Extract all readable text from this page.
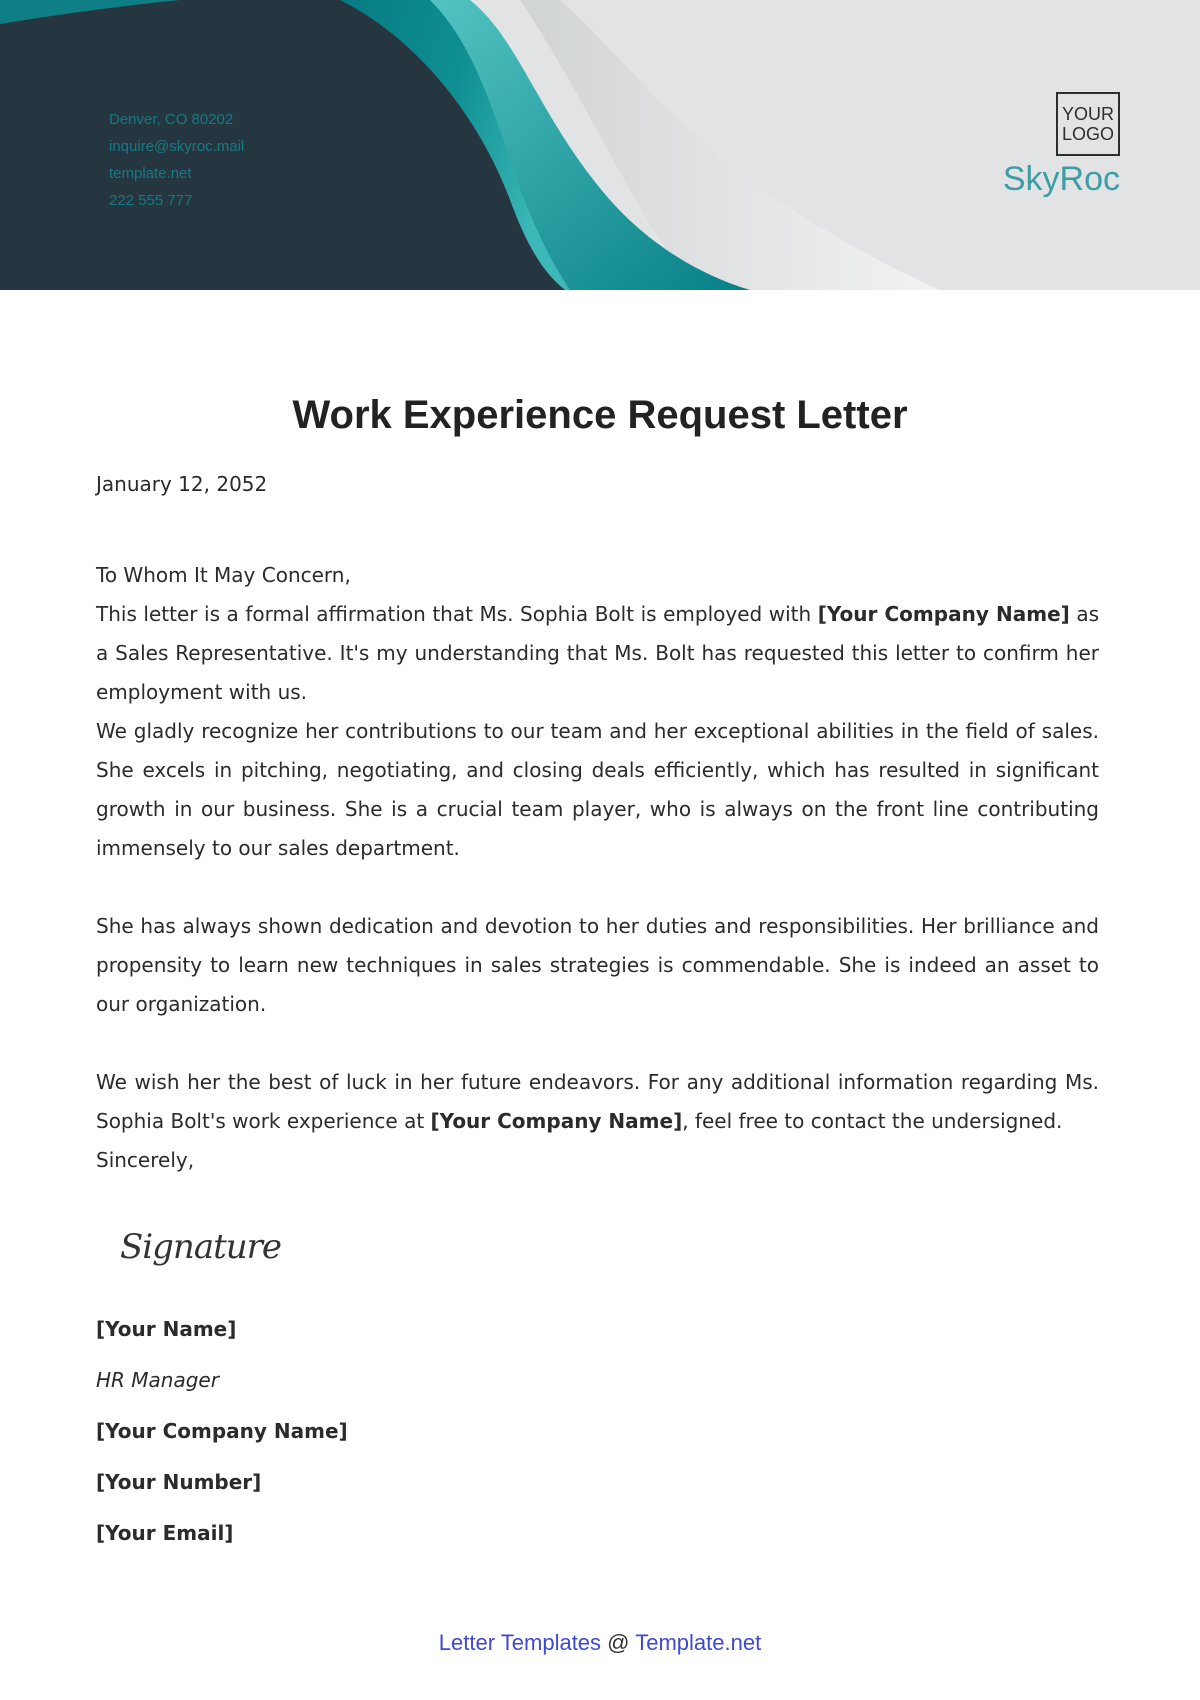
Denver, CO 80202
inquire@skyroc.mail
template.net
222 555 777
YOUR
LOGO
SkyRoc
Work Experience Request Letter

January 12, 2052

To Whom It May Concern,

This letter is a formal affirmation that Ms. Sophia Bolt is employed with [Your Company Name] as a Sales Representative. It's my understanding that Ms. Bolt has requested this letter to confirm her employment with us.

We gladly recognize her contributions to our team and her exceptional abilities in the field of sales. She excels in pitching, negotiating, and closing deals efficiently, which has resulted in significant growth in our business. She is a crucial team player, who is always on the front line contributing immensely to our sales department.

She has always shown dedication and devotion to her duties and responsibilities. Her brilliance and propensity to learn new techniques in sales strategies is commendable. She is indeed an asset to our organization.

We wish her the best of luck in her future endeavors. For any additional information regarding Ms. Sophia Bolt's work experience at [Your Company Name], feel free to contact the undersigned.

Sincerely,

Signature

[Your Name]

HR Manager

[Your Company Name]

[Your Number]

[Your Email]

Letter Templates @ Template.net
